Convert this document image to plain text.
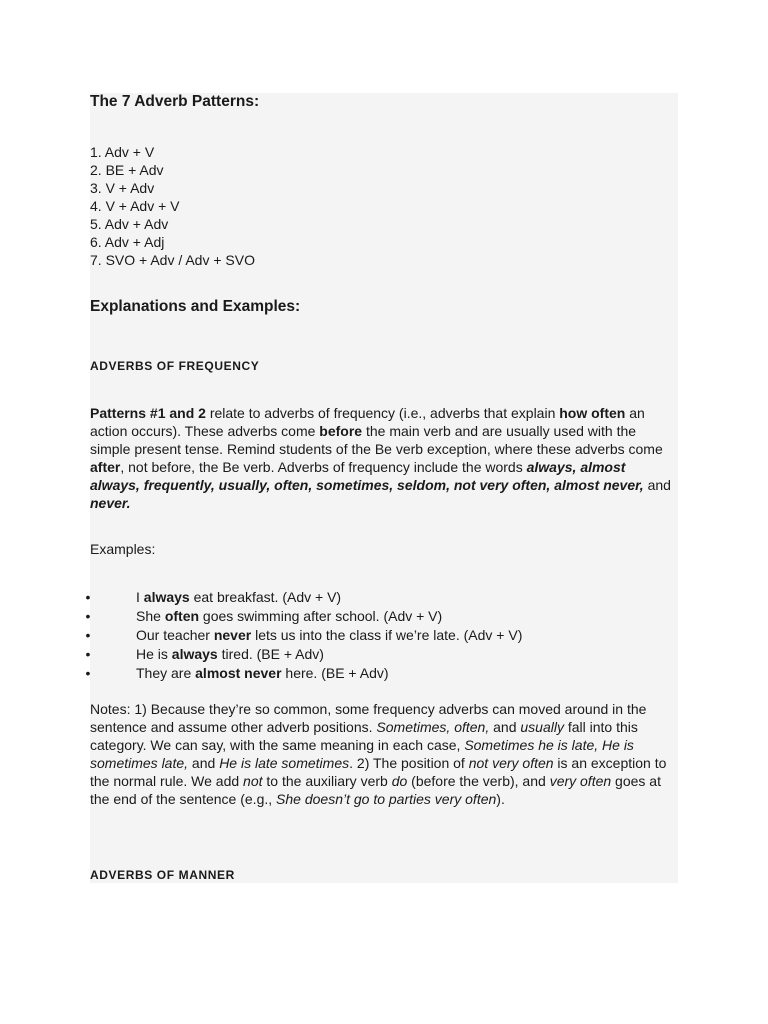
The 7 Adverb Patterns:
1. Adv + V
2. BE + Adv
3. V + Adv
4. V + Adv + V
5. Adv + Adv
6. Adv + Adj
7. SVO + Adv / Adv + SVO
Explanations and Examples:
ADVERBS OF FREQUENCY

Patterns #1 and 2 relate to adverbs of frequency (i.e., adverbs that explain how often an action occurs). These adverbs come before the main verb and are usually used with the simple present tense. Remind students of the Be verb exception, where these adverbs come after, not before, the Be verb. Adverbs of frequency include the words always, almost always, frequently, usually, often, sometimes, seldom, not very often, almost never, and never.

Examples:
I always eat breakfast. (Adv + V)
She often goes swimming after school. (Adv + V)
Our teacher never lets us into the class if we’re late. (Adv + V)
He is always tired. (BE + Adv)
They are almost never here. (BE + Adv)

Notes: 1) Because they’re so common, some frequency adverbs can moved around in the sentence and assume other adverb positions. Sometimes, often, and usually fall into this category. We can say, with the same meaning in each case, Sometimes he is late, He is sometimes late, and He is late sometimes. 2) The position of not very often is an exception to the normal rule. We add not to the auxiliary verb do (before the verb), and very often goes at the end of the sentence (e.g., She doesn’t go to parties very often).

ADVERBS OF MANNER
•
•
•
•
•
